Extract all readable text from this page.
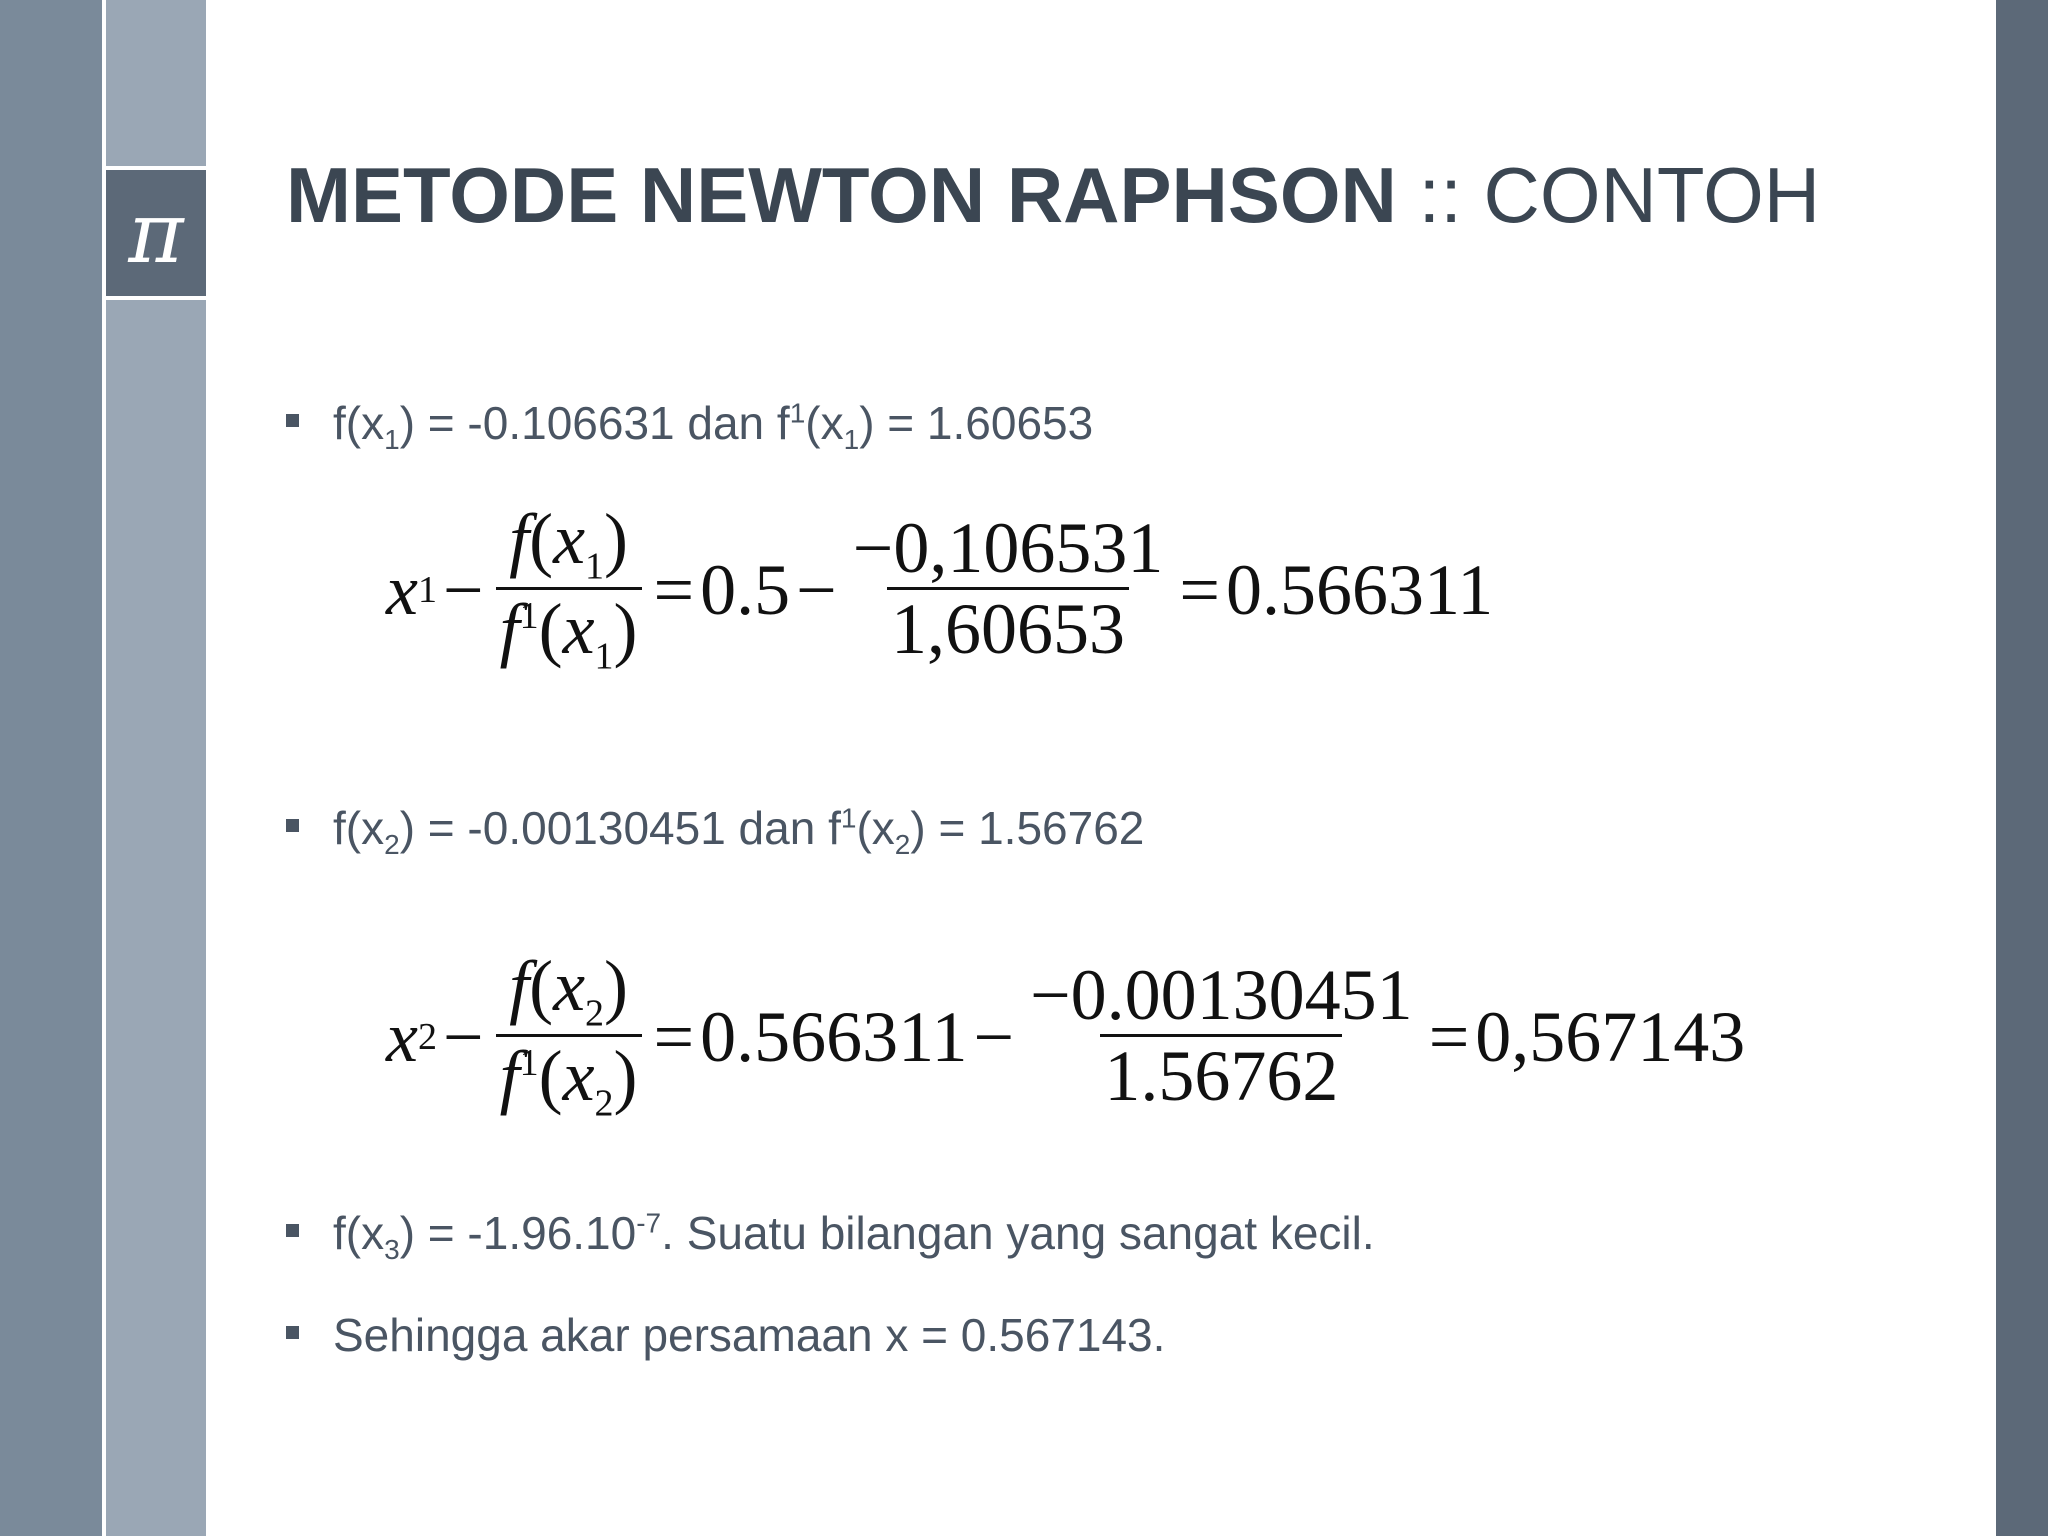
π METODE NEWTON RAPHSON :: CONTOH
$f(x_1) = -0.106631$ dan $f^1(x_1) = 1.60653$
x $1 - \frac{f(x_1)}{f^1(x_1)} = 0.5 - \frac{-0,106531}{1,60653} = 0.566311$
$f(x_2) = -0.00130451$ dan $f^1(x_2) = 1.56762$
x $2 - \frac{f(x_2)}{f^1(x_2)} = 0.566311 - \frac{-0.00130451}{1.56762} = 0,567143$
$f(x_3) = -1.96.10^{-7}$. Suatu bilangan yang sangat kecil.
Sehingga akar persamaan x = 0.567143.
